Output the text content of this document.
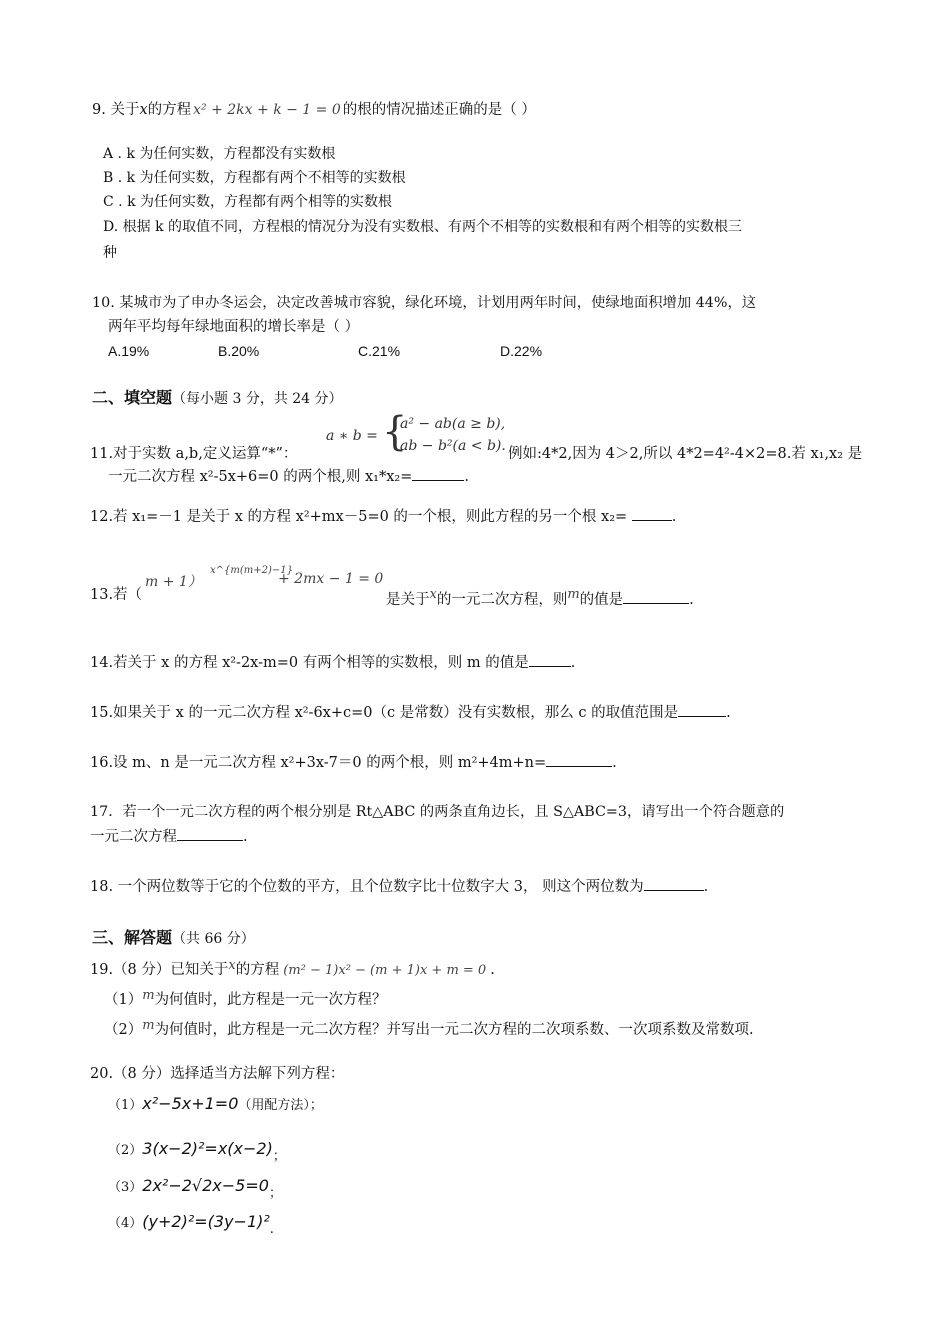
9. 关于x的方程 x² + 2kx + k − 1 = 0 的根的情况描述正确的是（ ）
A . k 为任何实数，方程都没有实数根
B . k 为任何实数，方程都有两个不相等的实数根
C . k 为任何实数，方程都有两个相等的实数根
D. 根据 k 的取值不同，方程根的情况分为没有实数根、有两个不相等的实数根和有两个相等的实数根三
种
10. 某城市为了申办冬运会，决定改善城市容貌，绿化环境，计划用两年时间，使绿地面积增加 44%，这
两年平均每年绿地面积的增长率是（ ）
A.19%	B.20%	C.21%	D.22%
二、填空题（每小题 3 分，共 24 分）
a ∗ b = {
a² − ab(a ≥ b),
ab − b²(a < b).
11.对于实数 a,b,定义运算“*”：	例如:4*2,因为 4＞2,所以 4*2=4²-4×2=8.若 x₁,x₂ 是
一元二次方程 x²-5x+6=0 的两个根,则 x₁*x₂=	.
12.若 x₁=－1 是关于 x 的方程 x²+mx－5=0 的一个根，则此方程的另一个根 x₂=	.
m + 1）
x^{m(m+2)−1}
+ 2mx − 1 = 0
13.若（	是关于x的一元二次方程，则m的值是	.
14.若关于 x 的方程 x²-2x-m=0 有两个相等的实数根，则 m 的值是	.
15.如果关于 x 的一元二次方程 x²-6x+c=0（c 是常数）没有实数根，那么 c 的取值范围是	.
16.设 m、n 是一元二次方程 x²+3x-7＝0 的两个根，则 m²+4m+n=	.
17．若一个一元二次方程的两个根分别是 Rt△ABC 的两条直角边长，且 S△ABC=3，请写出一个符合题意的
一元二次方程	.
18. 一个两位数等于它的个位数的平方，且个位数字比十位数字大 3， 则这个两位数为	.
三、解答题（共 66 分）
19.（8 分）已知关于x的方程 (m² − 1)x² − (m + 1)x + m = 0 .
（1）m为何值时，此方程是一元一次方程？
（2）m为何值时，此方程是一元二次方程？并写出一元二次方程的二次项系数、一次项系数及常数项.
20.（8 分）选择适当方法解下列方程：
（1）x²−5x+1=0（用配方法）；
（2）3(x−2)²=x(x−2)；
（3）2x²−2√2x−5=0；
（4）(y+2)²=(3y−1)².
